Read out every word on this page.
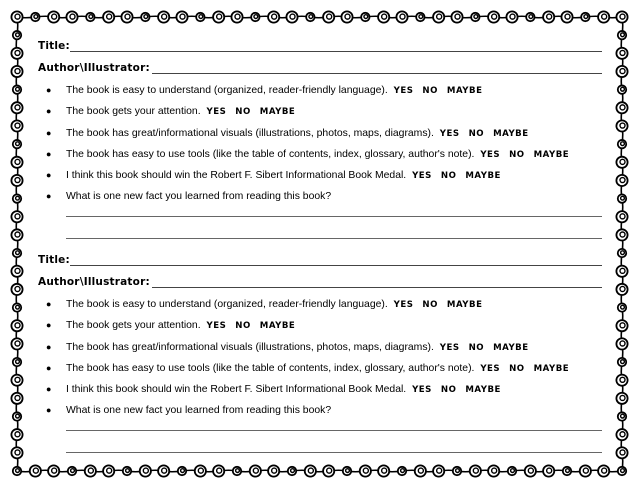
Title:
Author\Illustrator:
● The book is easy to understand (organized, reader-friendly language). YES NO MAYBE
● The book gets your attention. YES NO MAYBE
● The book has great/informational visuals (illustrations, photos, maps, diagrams). YES NO MAYBE
● The book has easy to use tools (like the table of contents, index, glossary, author's note). YES NO MAYBE
● I think this book should win the Robert F. Sibert Informational Book Medal. YES NO MAYBE
● What is one new fact you learned from reading this book?
Title:
Author\Illustrator:
● The book is easy to understand (organized, reader-friendly language). YES NO MAYBE
● The book gets your attention. YES NO MAYBE
● The book has great/informational visuals (illustrations, photos, maps, diagrams). YES NO MAYBE
● The book has easy to use tools (like the table of contents, index, glossary, author's note). YES NO MAYBE
● I think this book should win the Robert F. Sibert Informational Book Medal. YES NO MAYBE
● What is one new fact you learned from reading this book?
